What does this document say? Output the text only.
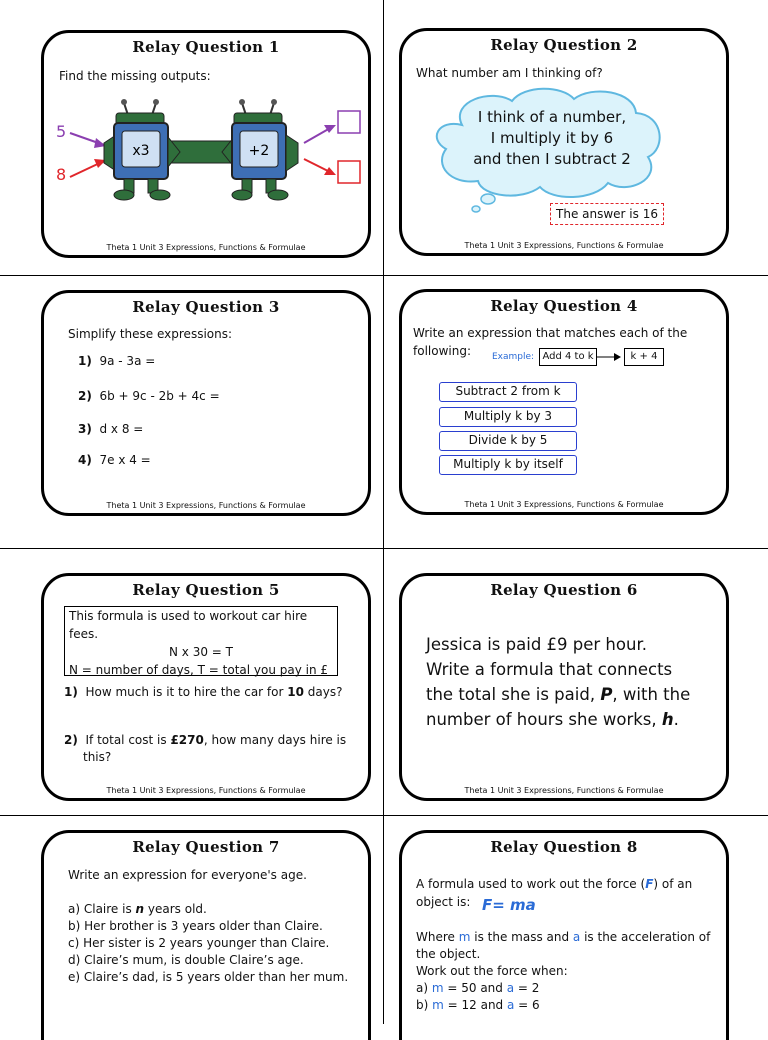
Relay Question 1
Find the missing outputs:
5
8
x3	+2
Theta 1 Unit 3 Expressions, Functions & Formulae
Relay Question 2
What number am I thinking of?
I think of a number,
I multiply it by 6
and then I subtract 2
The answer is 16
Theta 1 Unit 3 Expressions, Functions & Formulae
Relay Question 3
Simplify these expressions:
1) 9a - 3a =
2) 6b + 9c - 2b + 4c =
3) d x 8 =
4) 7e x 4 =
Theta 1 Unit 3 Expressions, Functions & Formulae
Relay Question 4
Write an expression that matches each of the
following: Example: Add 4 to k	k + 4
Subtract 2 from k
Multiply k by 3
Divide k by 5
Multiply k by itself
Theta 1 Unit 3 Expressions, Functions & Formulae
Relay Question 5
This formula is used to workout car hire fees.
N x 30 = T
N = number of days, T = total you pay in £
1) How much is it to hire the car for 10 days?
2) If total cost is £270, how many days hire is
this?
Theta 1 Unit 3 Expressions, Functions & Formulae
Relay Question 6
Jessica is paid £9 per hour.
Write a formula that connects
the total she is paid, P, with the
number of hours she works, h.
Theta 1 Unit 3 Expressions, Functions & Formulae
Relay Question 7
Write an expression for everyone's age.
a) Claire is n years old.
b) Her brother is 3 years older than Claire.
c) Her sister is 2 years younger than Claire.
d) Claire’s mum, is double Claire’s age.
e) Claire’s dad, is 5 years older than her mum.
Relay Question 8
A formula used to work out the force (F) of an
object is: F= ma
Where m is the mass and a is the acceleration of
the object.
Work out the force when:
a) m = 50 and a = 2
b) m = 12 and a = 6
